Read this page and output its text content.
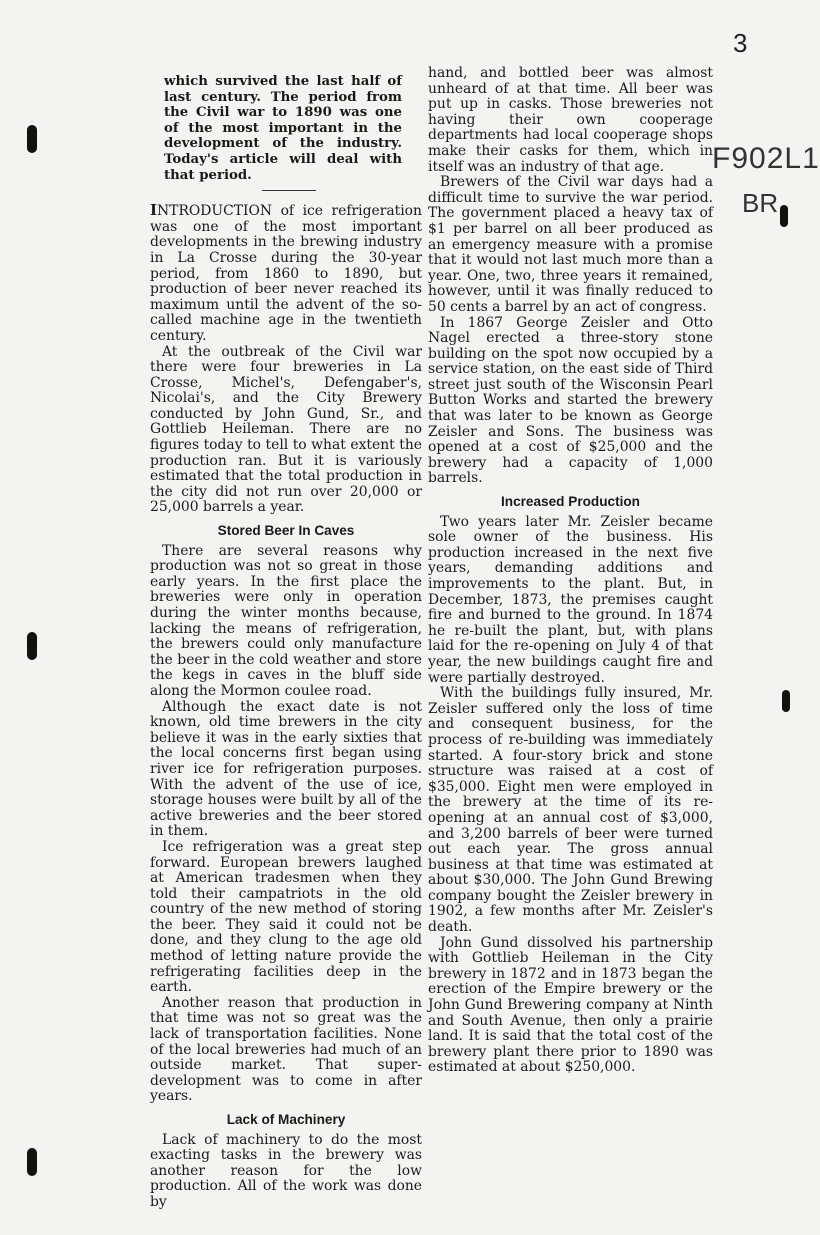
3
F902L1
BR

which survived the last half of last century. The period from the Civil war to 1890 was one of the most important in the development of the industry. Today's article will deal with that period.

INTRODUCTION of ice refrigeration was one of the most important developments in the brewing industry in La Crosse during the 30-year period, from 1860 to 1890, but production of beer never reached its maximum until the advent of the so-called machine age in the twentieth century.

At the outbreak of the Civil war there were four breweries in La Crosse, Michel's, Defengaber's, Nicolai's, and the City Brewery conducted by John Gund, Sr., and Gottlieb Heileman. There are no figures today to tell to what extent the production ran. But it is variously estimated that the total production in the city did not run over 20,000 or 25,000 barrels a year.

Stored Beer In Caves

There are several reasons why production was not so great in those early years. In the first place the breweries were only in operation during the winter months because, lacking the means of refrigeration, the brewers could only manufacture the beer in the cold weather and store the kegs in caves in the bluff side along the Mormon coulee road.

Although the exact date is not known, old time brewers in the city believe it was in the early sixties that the local concerns first began using river ice for refrigeration purposes. With the advent of the use of ice, storage houses were built by all of the active breweries and the beer stored in them.

Ice refrigeration was a great step forward. European brewers laughed at American tradesmen when they told their campatriots in the old country of the new method of storing the beer. They said it could not be done, and they clung to the age old method of letting nature provide the refrigerating facilities deep in the earth.

Another reason that production in that time was not so great was the lack of transportation facilities. None of the local breweries had much of an outside market. That super-development was to come in after years.

Lack of Machinery

Lack of machinery to do the most exacting tasks in the brewery was another reason for the low production. All of the work was done by

hand, and bottled beer was almost unheard of at that time. All beer was put up in casks. Those breweries not having their own cooperage departments had local cooperage shops make their casks for them, which in itself was an industry of that age.

Brewers of the Civil war days had a difficult time to survive the war period. The government placed a heavy tax of $1 per barrel on all beer produced as an emergency measure with a promise that it would not last much more than a year. One, two, three years it remained, however, until it was finally reduced to 50 cents a barrel by an act of congress.

In 1867 George Zeisler and Otto Nagel erected a three-story stone building on the spot now occupied by a service station, on the east side of Third street just south of the Wisconsin Pearl Button Works and started the brewery that was later to be known as George Zeisler and Sons. The business was opened at a cost of $25,000 and the brewery had a capacity of 1,000 barrels.

Increased Production

Two years later Mr. Zeisler became sole owner of the business. His production increased in the next five years, demanding additions and improvements to the plant. But, in December, 1873, the premises caught fire and burned to the ground. In 1874 he re-built the plant, but, with plans laid for the re-opening on July 4 of that year, the new buildings caught fire and were partially destroyed.

With the buildings fully insured, Mr. Zeisler suffered only the loss of time and consequent business, for the process of re-building was immediately started. A four-story brick and stone structure was raised at a cost of $35,000. Eight men were employed in the brewery at the time of its re-opening at an annual cost of $3,000, and 3,200 barrels of beer were turned out each year. The gross annual business at that time was estimated at about $30,000. The John Gund Brewing company bought the Zeisler brewery in 1902, a few months after Mr. Zeisler's death.

John Gund dissolved his partnership with Gottlieb Heileman in the City brewery in 1872 and in 1873 began the erection of the Empire brewery or the John Gund Brewering company at Ninth and South Avenue, then only a prairie land. It is said that the total cost of the brewery plant there prior to 1890 was estimated at about $250,000.
